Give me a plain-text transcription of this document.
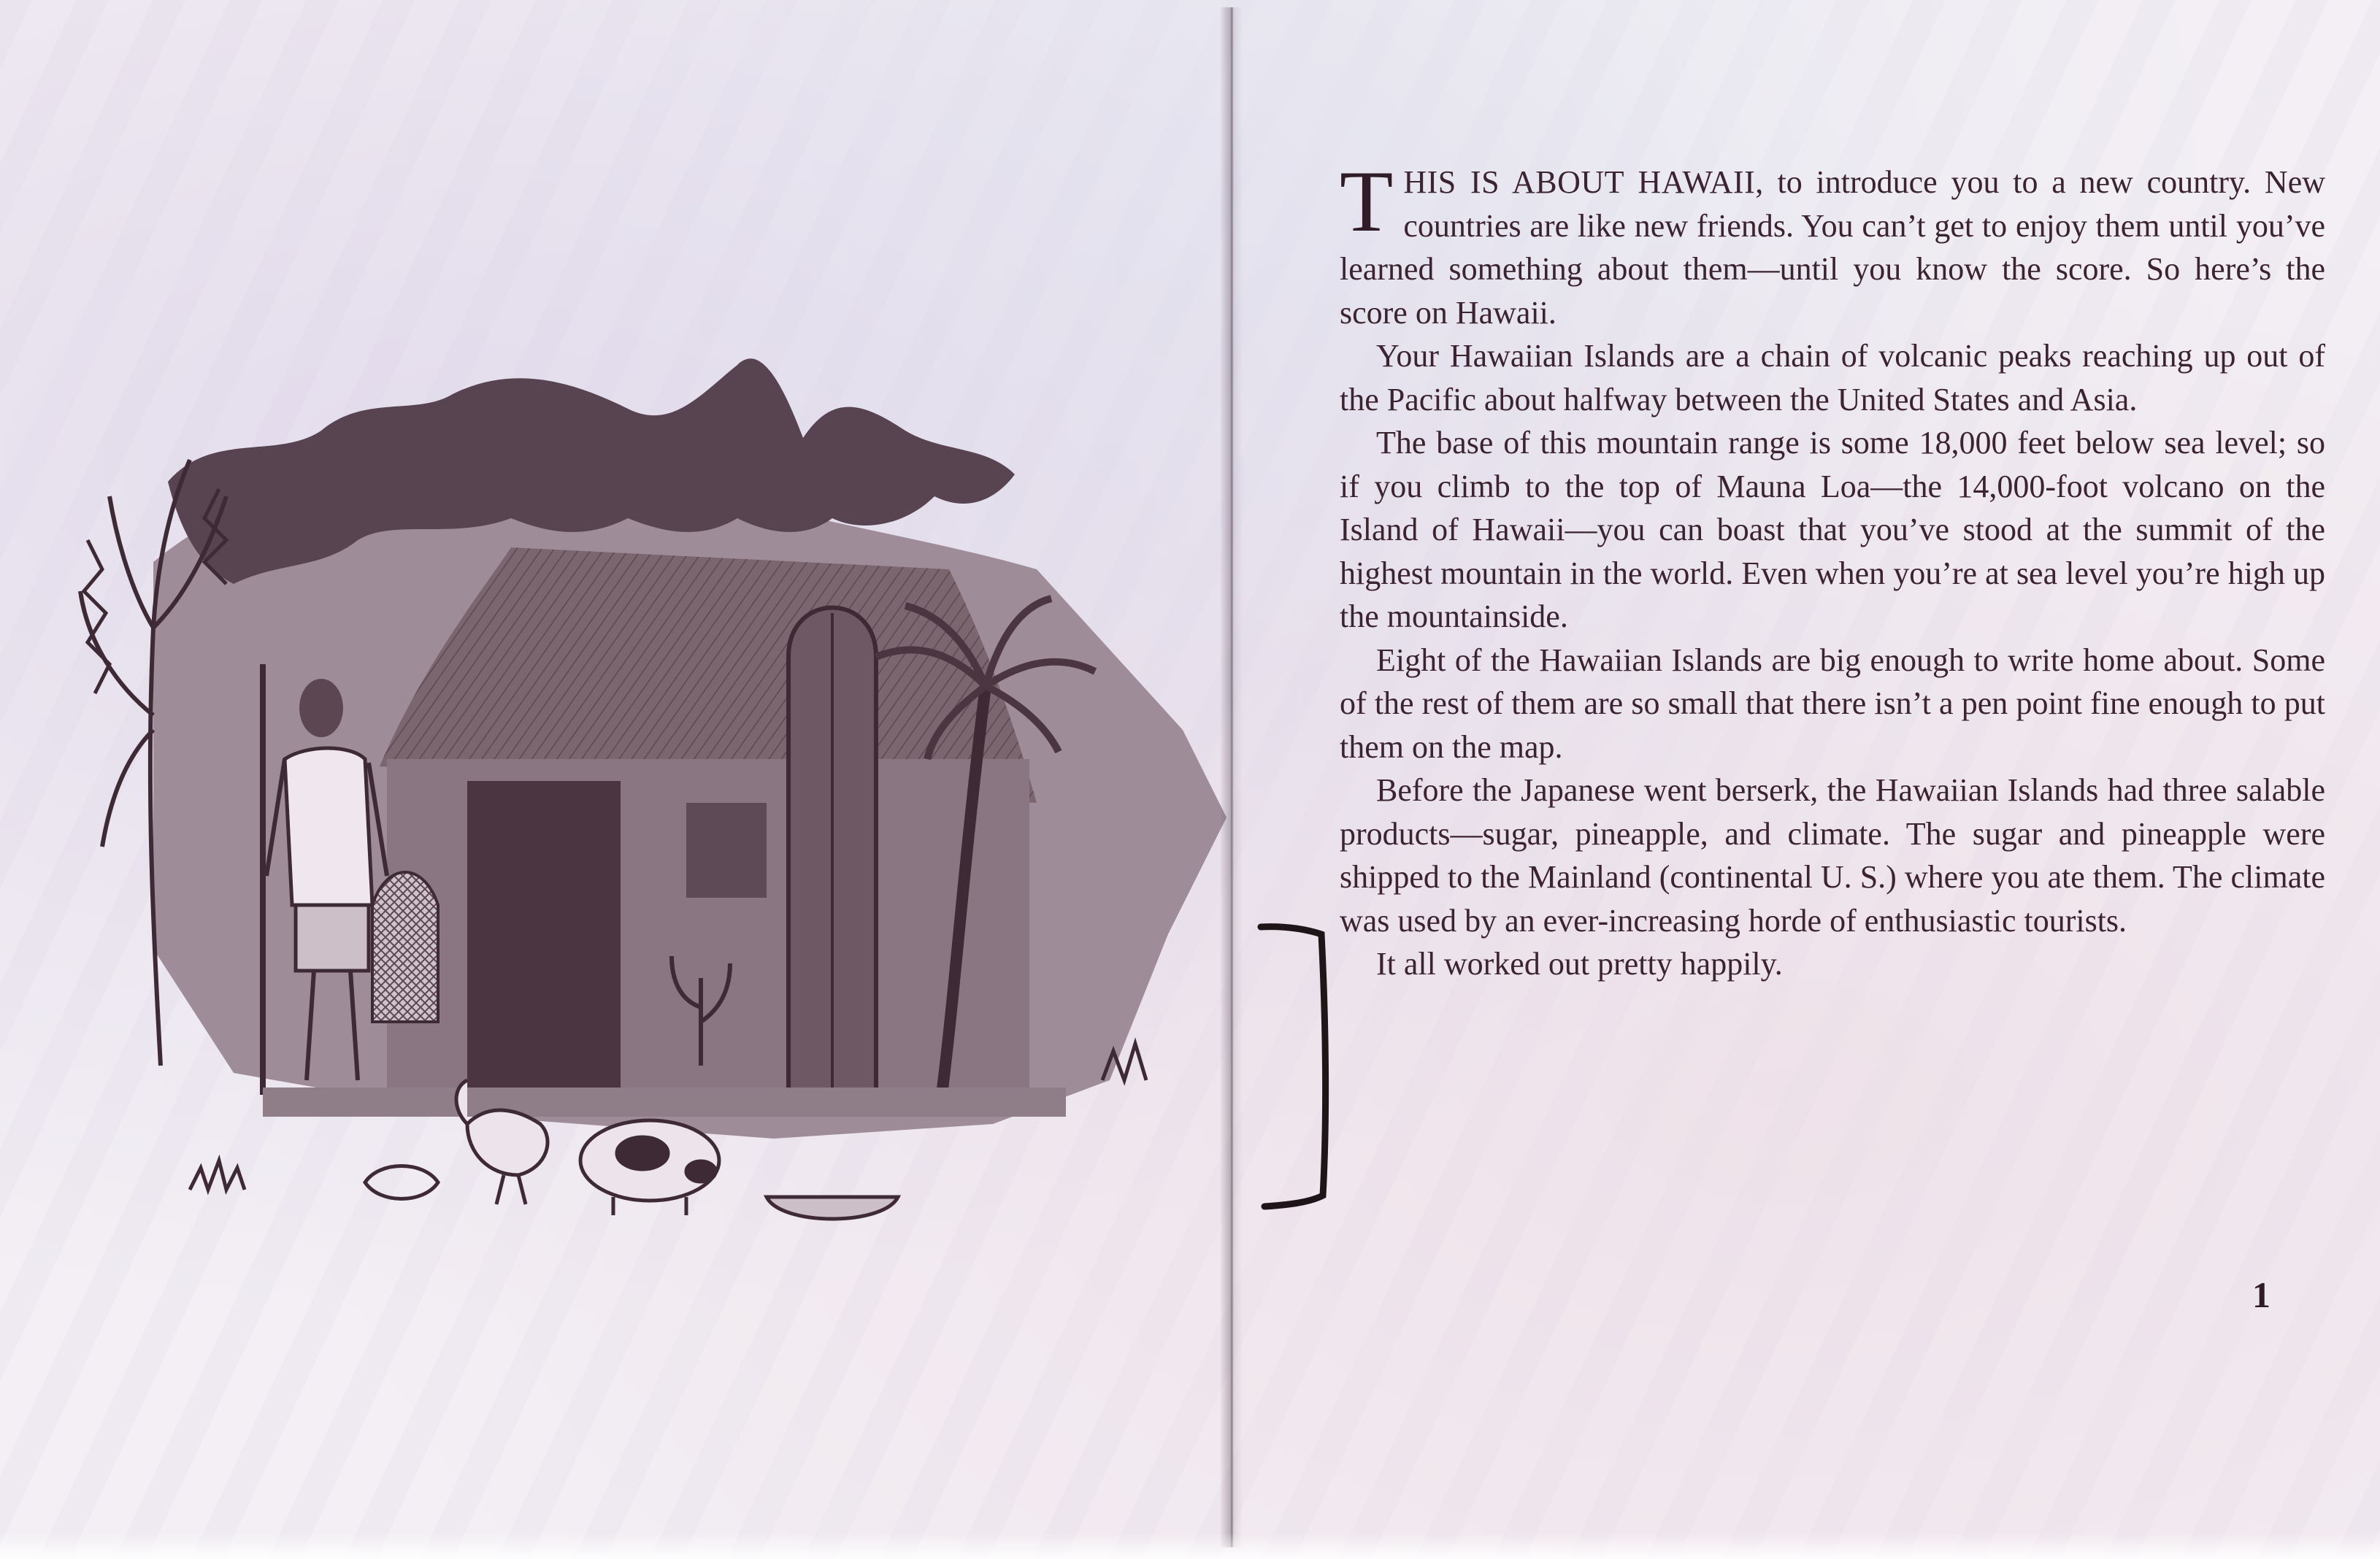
THIS IS ABOUT HAWAII, to introduce you to a new country. New countries are like new friends. You can’t get to enjoy them until you’ve learned something about them—until you know the score. So here’s the score on Hawaii.

Your Hawaiian Islands are a chain of volcanic peaks reaching up out of the Pacific about halfway between the United States and Asia.

The base of this mountain range is some 18,000 feet below sea level; so if you climb to the top of Mauna Loa—the 14,000-foot volcano on the Island of Hawaii—you can boast that you’ve stood at the summit of the highest mountain in the world. Even when you’re at sea level you’re high up the mountainside.

Eight of the Hawaiian Islands are big enough to write home about. Some of the rest of them are so small that there isn’t a pen point fine enough to put them on the map.

Before the Japanese went berserk, the Hawaiian Islands had three salable products—sugar, pineapple, and climate. The sugar and pineapple were shipped to the Mainland (continental U. S.) where you ate them. The climate was used by an ever-increasing horde of enthusiastic tourists.

It all worked out pretty happily.

1
